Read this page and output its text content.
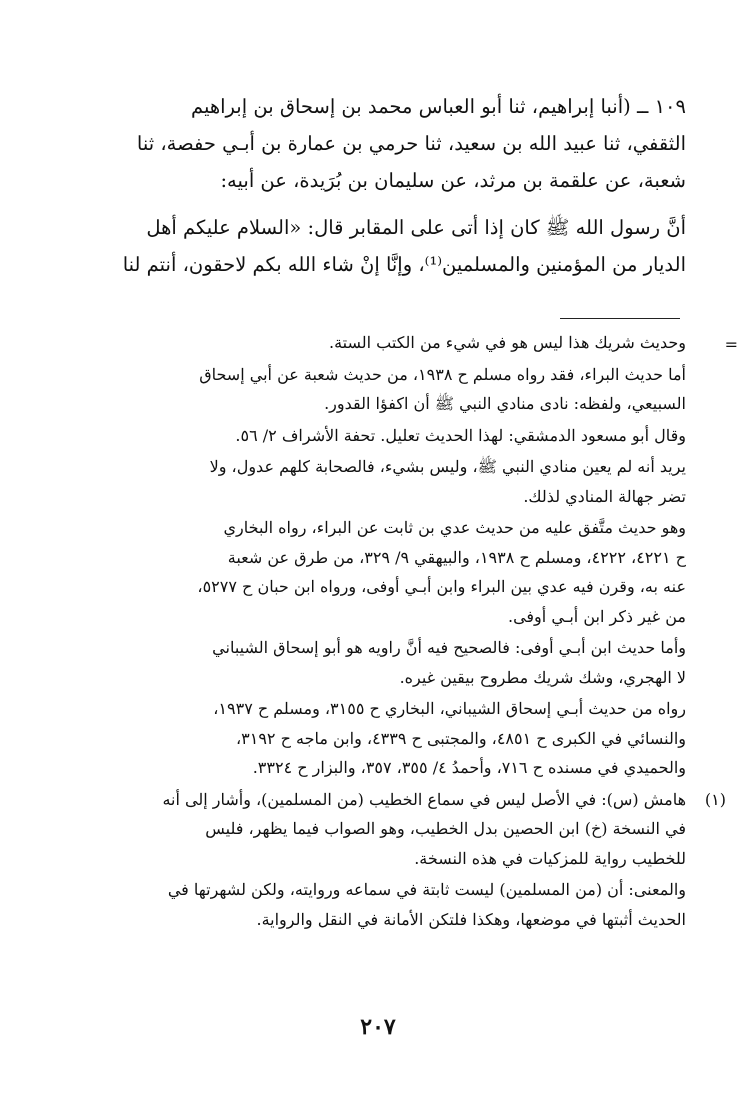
١٠٩ ــ (أنبا إبراهيم، ثنا أبو العباس محمد بن إسحاق بن إبراهيم

الثقفي، ثنا عبيد الله بن سعيد، ثنا حرمي بن عمارة بن أبـي حفصة، ثنا

شعبة، عن علقمة بن مرثد، عن سليمان بن بُرَيدة، عن أبيه:

أنَّ رسول الله ﷺ كان إذا أتى على المقابر قال: «السلام عليكم أهل

الديار من المؤمنين والمسلمين⁽¹⁾، وإنَّا إنْ شاء الله بكم لاحقون، أنتم لنا

=

وحديث شريك هذا ليس هو في شيء من الكتب الستة.

أما حديث البراء، فقد رواه مسلم ح ١٩٣٨، من حديث شعبة عن أبي إسحاق

السبيعي، ولفظه: نادى منادي النبي ﷺ أن اكفؤا القدور.

وقال أبو مسعود الدمشقي: لهذا الحديث تعليل. تحفة الأشراف ٢/ ٥٦.

يريد أنه لم يعين منادي النبي ﷺ، وليس بشيء، فالصحابة كلهم عدول، ولا

تضر جهالة المنادي لذلك.

وهو حديث متَّفق عليه من حديث عدي بن ثابت عن البراء، رواه البخاري

ح ٤٢٢١، ٤٢٢٢، ومسلم ح ١٩٣٨، والبيهقي ٩/ ٣٢٩، من طرق عن شعبة

عنه به، وقرن فيه عدي بين البراء وابن أبـي أوفى، ورواه ابن حبان ح ٥٢٧٧،

من غير ذكر ابن أبـي أوفى.

وأما حديث ابن أبـي أوفى: فالصحيح فيه أنَّ راويه هو أبو إسحاق الشيباني

لا الهجري، وشك شريك مطروح بيقين غيره.

رواه من حديث أبـي إسحاق الشيباني، البخاري ح ٣١٥٥، ومسلم ح ١٩٣٧،

والنسائي في الكبرى ح ٤٨٥١، والمجتبى ح ٤٣٣٩، وابن ماجه ح ٣١٩٢،

والحميدي في مسنده ح ٧١٦، وأحمدُ ٤/ ٣٥٥، ٣٥٧، والبزار ح ٣٣٢٤.

(١)

هامش (س): في الأصل ليس في سماع الخطيب (من المسلمين)، وأشار إلى أنه

في النسخة (خ) ابن الحصين بدل الخطيب، وهو الصواب فيما يظهر، فليس

للخطيب رواية للمزكيات في هذه النسخة.

والمعنى: أن (من المسلمين) ليست ثابتة في سماعه وروايته، ولكن لشهرتها في

الحديث أثبتها في موضعها، وهكذا فلتكن الأمانة في النقل والرواية.

٢٠٧
